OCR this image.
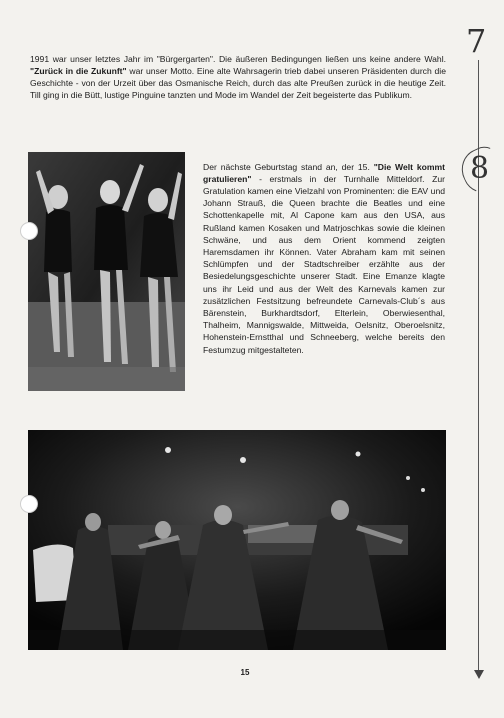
1991 war unser letztes Jahr im "Bürgergarten". Die äußeren Bedingungen ließen uns keine andere Wahl. "Zurück in die Zukunft" war unser Motto. Eine alte Wahrsagerin trieb dabei unseren Präsidenten durch die Geschichte - von der Urzeit über das Osmanische Reich, durch das alte Preußen zurück in die heutige Zeit. Till ging in die Bütt, lustige Pinguine tanzten und Mode im Wandel der Zeit begeisterte das Publikum.

Der nächste Geburtstag stand an, der 15. "Die Welt kommt gratulieren" - erstmals in der Turnhalle Mitteldorf. Zur Gratulation kamen eine Vielzahl von Prominenten: die EAV und Johann Strauß, die Queen brachte die Beatles und eine Schottenkapelle mit, Al Capone kam aus den USA, aus Rußland kamen Kosaken und Matrjoschkas sowie die kleinen Schwäne, und aus dem Orient kommend zeigten Haremsdamen ihr Können. Vater Abraham kam mit seinen Schlümpfen und der Stadtschreiber erzählte aus der Besiedelungsgeschichte unserer Stadt. Eine Emanze klagte uns ihr Leid und aus der Welt des Karnevals kamen zur zusätzlichen Festsitzung befreundete Carnevals-Club´s aus Bärenstein, Burkhardtsdorf, Elterlein, Oberwiesenthal, Thalheim, Mannigswalde, Mittweida, Oelsnitz, Oberoelsnitz, Hohenstein-Ernstthal und Schneeberg, welche bereits den Festumzug mitgestalteten.

15
7
8
